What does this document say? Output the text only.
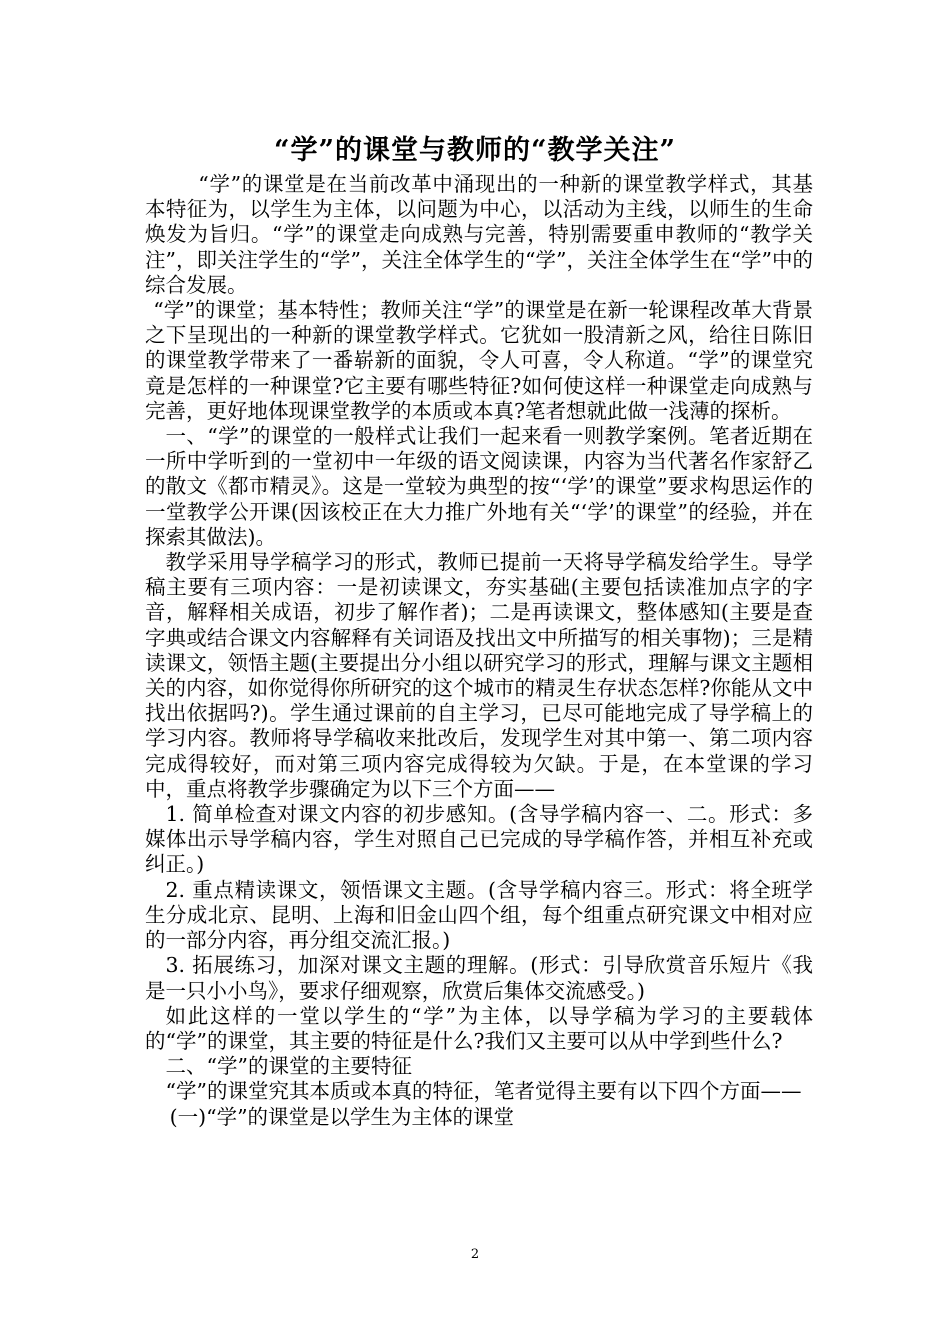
“学”的课堂与教师的“教学关注”

“学”的课堂是在当前改革中涌现出的一种新的课堂教学样式，其基本特征为，以学生为主体，以问题为中心，以活动为主线，以师生的生命焕发为旨归。“学”的课堂走向成熟与完善，特别需要重申教师的“教学关注”，即关注学生的“学”，关注全体学生的“学”，关注全体学生在“学”中的综合发展。

“学”的课堂；基本特性；教师关注“学”的课堂是在新一轮课程改革大背景之下呈现出的一种新的课堂教学样式。它犹如一股清新之风，给往日陈旧的课堂教学带来了一番崭新的面貌，令人可喜，令人称道。“学”的课堂究竟是怎样的一种课堂?它主要有哪些特征?如何使这样一种课堂走向成熟与完善，更好地体现课堂教学的本质或本真?笔者想就此做一浅薄的探析。

一、“学”的课堂的一般样式让我们一起来看一则教学案例。笔者近期在一所中学听到的一堂初中一年级的语文阅读课，内容为当代著名作家舒乙的散文《都市精灵》。这是一堂较为典型的按“‘学’的课堂”要求构思运作的一堂教学公开课(因该校正在大力推广外地有关“‘学’的课堂”的经验，并在探索其做法)。

教学采用导学稿学习的形式，教师已提前一天将导学稿发给学生。导学稿主要有三项内容：一是初读课文，夯实基础(主要包括读准加点字的字音，解释相关成语，初步了解作者)；二是再读课文，整体感知(主要是查字典或结合课文内容解释有关词语及找出文中所描写的相关事物)；三是精读课文，领悟主题(主要提出分小组以研究学习的形式，理解与课文主题相关的内容，如你觉得你所研究的这个城市的精灵生存状态怎样?你能从文中找出依据吗?)。学生通过课前的自主学习，已尽可能地完成了导学稿上的学习内容。教师将导学稿收来批改后，发现学生对其中第一、第二项内容完成得较好，而对第三项内容完成得较为欠缺。于是，在本堂课的学习中，重点将教学步骤确定为以下三个方面——

1. 简单检查对课文内容的初步感知。(含导学稿内容一、二。形式：多媒体出示导学稿内容，学生对照自己已完成的导学稿作答，并相互补充或纠正。)

2. 重点精读课文，领悟课文主题。(含导学稿内容三。形式：将全班学生分成北京、昆明、上海和旧金山四个组，每个组重点研究课文中相对应的一部分内容，再分组交流汇报。)

3. 拓展练习，加深对课文主题的理解。(形式：引导欣赏音乐短片《我是一只小小鸟》，要求仔细观察，欣赏后集体交流感受。)

如此这样的一堂以学生的“学”为主体，以导学稿为学习的主要载体的“学”的课堂，其主要的特征是什么?我们又主要可以从中学到些什么?

二、“学”的课堂的主要特征

“学”的课堂究其本质或本真的特征，笔者觉得主要有以下四个方面——

(一)“学”的课堂是以学生为主体的课堂

2
